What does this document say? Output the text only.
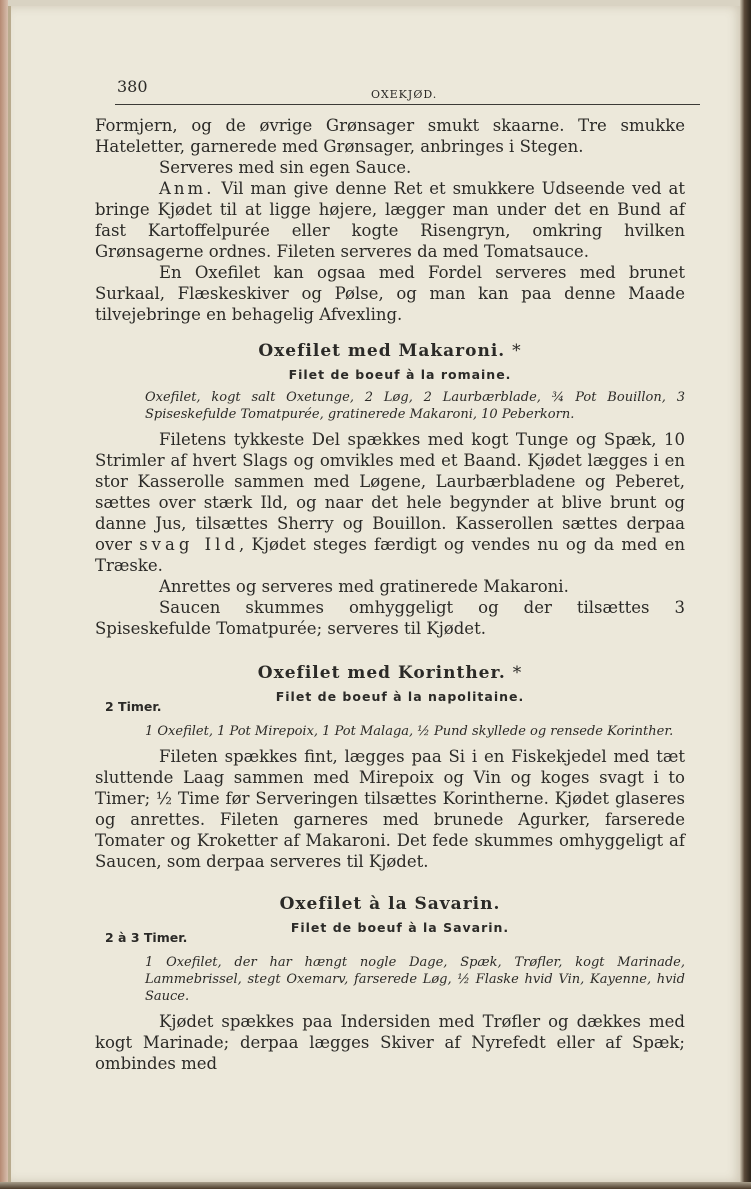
380	OXEKJØD.

Formjern, og de øvrige Grønsager smukt skaarne. Tre smukke Hateletter, garnerede med Grønsager, anbringes i Stegen.

Serveres med sin egen Sauce.

Anm. Vil man give denne Ret et smukkere Udseende ved at bringe Kjødet til at ligge højere, lægger man under det en Bund af fast Kartoffelpurée eller kogte Risengryn, omkring hvilken Grønsagerne ordnes. Fileten serveres da med Tomatsauce.

En Oxefilet kan ogsaa med Fordel serveres med brunet Surkaal, Flæskeskiver og Pølse, og man kan paa denne Maade tilvejebringe en behagelig Afvexling.

Oxefilet med Makaroni. *
Filet de boeuf à la romaine.

Oxefilet, kogt salt Oxetunge, 2 Løg, 2 Laurbærblade, ¾ Pot Bouillon, 3 Spiseskefulde Tomatpurée, gratinerede Makaroni, 10 Peberkorn.

Filetens tykkeste Del spækkes med kogt Tunge og Spæk, 10 Strimler af hvert Slags og omvikles med et Baand. Kjødet lægges i en stor Kasserolle sammen med Løgene, Laurbærbladene og Peberet, sættes over stærk Ild, og naar det hele begynder at blive brunt og danne Jus, tilsættes Sherry og Bouillon. Kasserollen sættes derpaa over svag Ild, Kjødet steges færdigt og vendes nu og da med en Træske.

Anrettes og serveres med gratinerede Makaroni.

Saucen skummes omhyggeligt og der tilsættes 3 Spiseskefulde Tomatpurée; serveres til Kjødet.

Oxefilet med Korinther. *
2 Timer.
Filet de boeuf à la napolitaine.

1 Oxefilet, 1 Pot Mirepoix, 1 Pot Malaga, ½ Pund skyllede og rensede Korinther.

Fileten spækkes fint, lægges paa Si i en Fiskekjedel med tæt sluttende Laag sammen med Mirepoix og Vin og koges svagt i to Timer; ½ Time før Serveringen tilsættes Korintherne. Kjødet glaseres og anrettes. Fileten garneres med brunede Agurker, farserede Tomater og Kroketter af Makaroni. Det fede skummes omhyggeligt af Saucen, som derpaa serveres til Kjødet.

Oxefilet à la Savarin.
2 à 3 Timer.
Filet de boeuf à la Savarin.

1 Oxefilet, der har hængt nogle Dage, Spæk, Trøfler, kogt Marinade, Lammebrissel, stegt Oxemarv, farserede Løg, ½ Flaske hvid Vin, Kayenne, hvid Sauce.

Kjødet spækkes paa Indersiden med Trøfler og dækkes med kogt Marinade; derpaa lægges Skiver af Nyrefedt eller af Spæk; ombindes med
